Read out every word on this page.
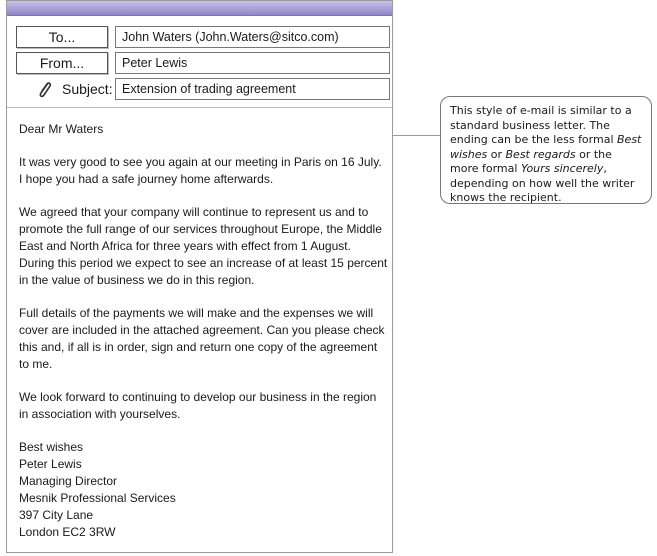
To...	John Waters (John.Waters@sitco.com)
From...	Peter Lewis
Subject: Extension of trading agreement

Dear Mr Waters

It was very good to see you again at our meeting in Paris on 16 July.
I hope you had a safe journey home afterwards.

We agreed that your company will continue to represent us and to
promote the full range of our services throughout Europe, the Middle
East and North Africa for three years with effect from 1 August.
During this period we expect to see an increase of at least 15 percent
in the value of business we do in this region.

Full details of the payments we will make and the expenses we will
cover are included in the attached agreement. Can you please check
this and, if all is in order, sign and return one copy of the agreement
to me.

We look forward to continuing to develop our business in the region
in association with yourselves.

Best wishes
Peter Lewis
Managing Director
Mesnik Professional Services
397 City Lane
London EC2 3RW
This style of e-mail is similar to a standard business letter. The ending can be the less formal Best wishes or Best regards or the more formal Yours sincerely, depending on how well the writer knows the recipient.
